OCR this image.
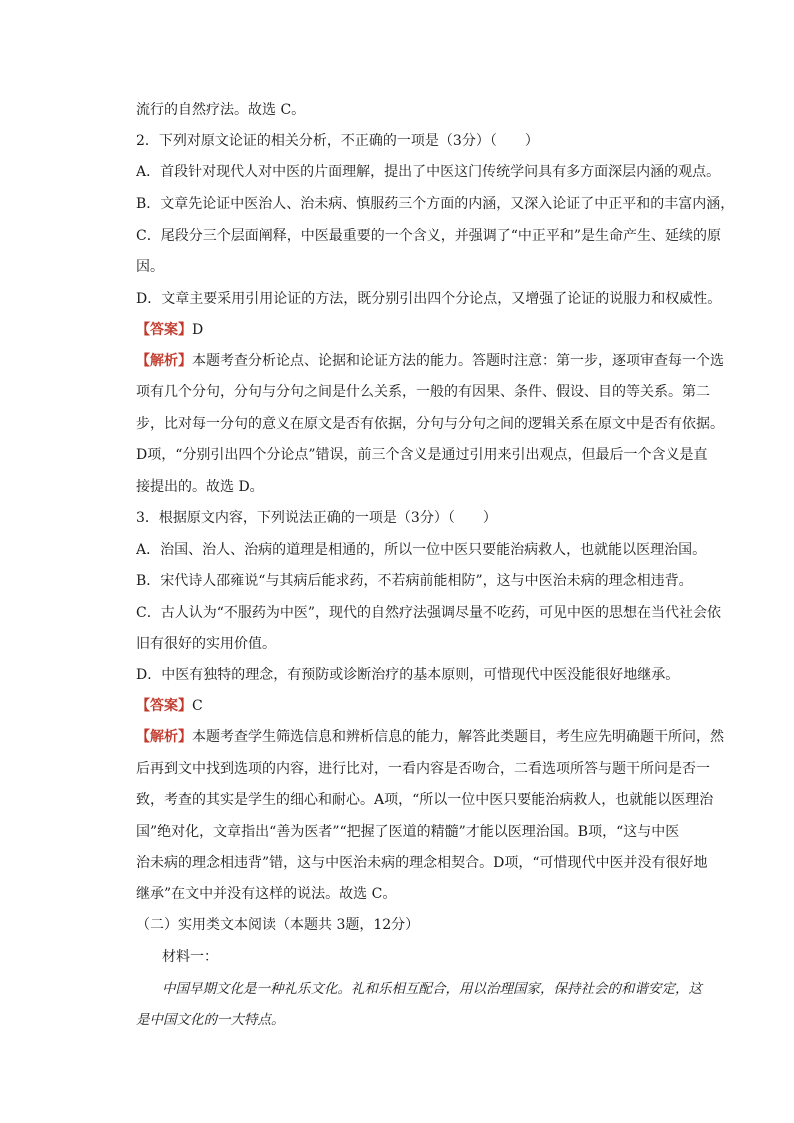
流行的自然疗法。故选 C。
2．下列对原文论证的相关分析，不正确的一项是（3分）（　　）
A．首段针对现代人对中医的片面理解，提出了中医这门传统学问具有多方面深层内涵的观点。
B．文章先论证中医治人、治未病、慎服药三个方面的内涵，又深入论证了中正平和的丰富内涵，
C．尾段分三个层面阐释，中医最重要的一个含义，并强调了“中正平和”是生命产生、延续的原
因。
D．文章主要采用引用论证的方法，既分别引出四个分论点，又增强了论证的说服力和权威性。
【答案】D
【解析】本题考查分析论点、论据和论证方法的能力。答题时注意：第一步，逐项审查每一个选
项有几个分句，分句与分句之间是什么关系，一般的有因果、条件、假设、目的等关系。第二
步，比对每一分句的意义在原文是否有依据，分句与分句之间的逻辑关系在原文中是否有依据。
D项，“分别引出四个分论点”错误，前三个含义是通过引用来引出观点，但最后一个含义是直
接提出的。故选 D。
3．根据原文内容，下列说法正确的一项是（3分）（　　）
A．治国、治人、治病的道理是相通的，所以一位中医只要能治病救人，也就能以医理治国。
B．宋代诗人邵雍说“与其病后能求药，不若病前能相防”，这与中医治未病的理念相违背。
C．古人认为“不服药为中医”，现代的自然疗法强调尽量不吃药，可见中医的思想在当代社会依
旧有很好的实用价值。
D．中医有独特的理念，有预防或诊断治疗的基本原则，可惜现代中医没能很好地继承。
【答案】C
【解析】本题考查学生筛选信息和辨析信息的能力，解答此类题目，考生应先明确题干所问，然
后再到文中找到选项的内容，进行比对，一看内容是否吻合，二看选项所答与题干所问是否一
致，考查的其实是学生的细心和耐心。A项，“所以一位中医只要能治病救人，也就能以医理治
国”绝对化，文章指出“善为医者”“把握了医道的精髓”才能以医理治国。B项，“这与中医
治未病的理念相违背”错，这与中医治未病的理念相契合。D项，“可惜现代中医并没有很好地
继承”在文中并没有这样的说法。故选 C。
（二）实用类文本阅读（本题共 3题，12分）
材料一：
中国早期文化是一种礼乐文化。礼和乐相互配合，用以治理国家，保持社会的和谐安定，这
是中国文化的一大特点。
